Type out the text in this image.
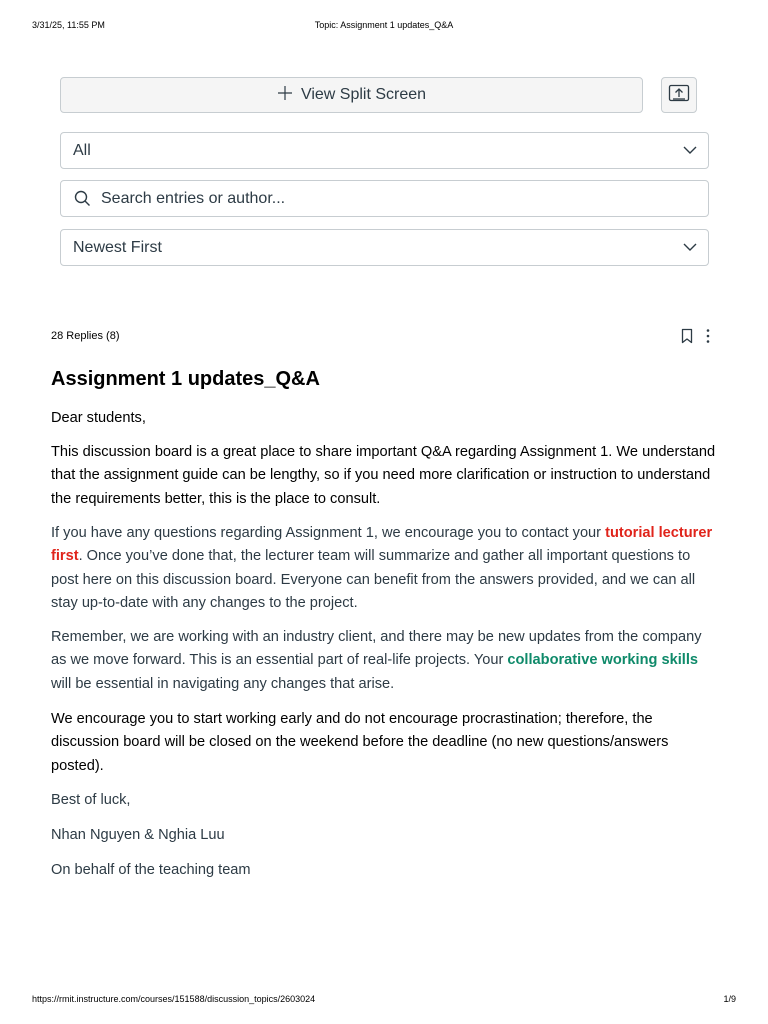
3/31/25, 11:55 PM	Topic: Assignment 1 updates_Q&A
View Split Screen
All
Search entries or author...
Newest First
28 Replies (8)
Assignment 1 updates_Q&A

Dear students,

This discussion board is a great place to share important Q&A regarding Assignment 1. We understand that the assignment guide can be lengthy, so if you need more clarification or instruction to understand the requirements better, this is the place to consult.

If you have any questions regarding Assignment 1, we encourage you to contact your tutorial lecturer first. Once you’ve done that, the lecturer team will summarize and gather all important questions to post here on this discussion board. Everyone can benefit from the answers provided, and we can all stay up-to-date with any changes to the project.

Remember, we are working with an industry client, and there may be new updates from the company as we move forward. This is an essential part of real-life projects. Your collaborative working skills will be essential in navigating any changes that arise.

We encourage you to start working early and do not encourage procrastination; therefore, the discussion board will be closed on the weekend before the deadline (no new questions/answers posted).

Best of luck,

Nhan Nguyen & Nghia Luu

On behalf of the teaching team

https://rmit.instructure.com/courses/151588/discussion_topics/2603024	1/9
